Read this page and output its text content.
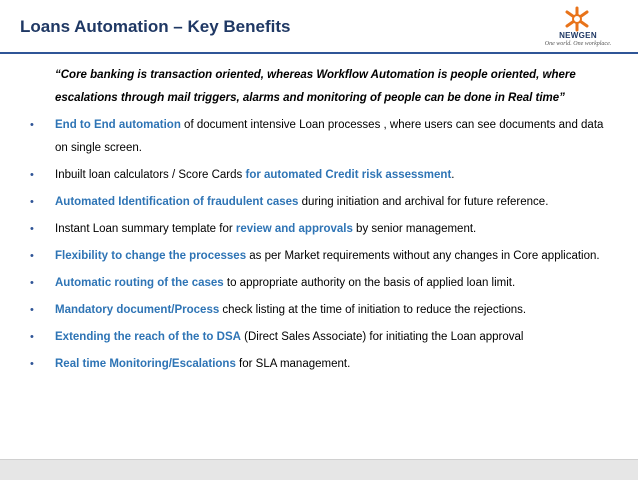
Loans Automation – Key Benefits	NEWGEN
One world. One workplace.
“Core banking is transaction oriented, whereas Workflow Automation is people oriented, where escalations through mail triggers, alarms and monitoring of people can be done in Real time”
• End to End automation of document intensive Loan processes , where users can see documents and data on single screen.
• Inbuilt loan calculators / Score Cards for automated Credit risk assessment.
• Automated Identification of fraudulent cases during initiation and archival for future reference.
• Instant Loan summary template for review and approvals by senior management.
• Flexibility to change the processes as per Market requirements without any changes in Core application.
• Automatic routing of the cases to appropriate authority on the basis of applied loan limit.
• Mandatory document/Process check listing at the time of initiation to reduce the rejections.
• Extending the reach of the to DSA (Direct Sales Associate) for initiating the Loan approval
• Real time Monitoring/Escalations for SLA management.
